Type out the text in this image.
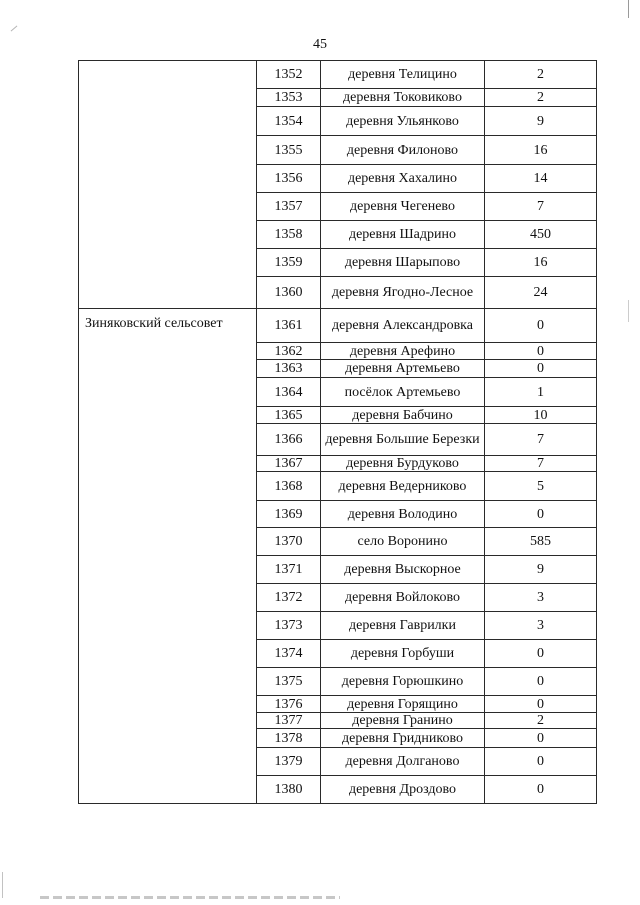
45
	1352	деревня Телицино	2
	1353	деревня Токовиково	2
	1354	деревня Ульянково	9
	1355	деревня Филоново	16
	1356	деревня Хахалино	14
	1357	деревня Чегенево	7
	1358	деревня Шадрино	450
	1359	деревня Шарыпово	16
	1360	деревня Ягодно-Лесное	24
Зиняковский сельсовет	1361	деревня Александровка	0
	1362	деревня Арефино	0
	1363	деревня Артемьево	0
	1364	посёлок Артемьево	1
	1365	деревня Бабчино	10
	1366	деревня Большие Березки	7
	1367	деревня Бурдуково	7
	1368	деревня Ведерниково	5
	1369	деревня Володино	0
	1370	село Воронино	585
	1371	деревня Выскорное	9
	1372	деревня Войлоково	3
	1373	деревня Гаврилки	3
	1374	деревня Горбуши	0
	1375	деревня Горюшкино	0
	1376	деревня Горящино	0
	1377	деревня Гранино	2
	1378	деревня Гридниково	0
	1379	деревня Долганово	0
	1380	деревня Дроздово	0
